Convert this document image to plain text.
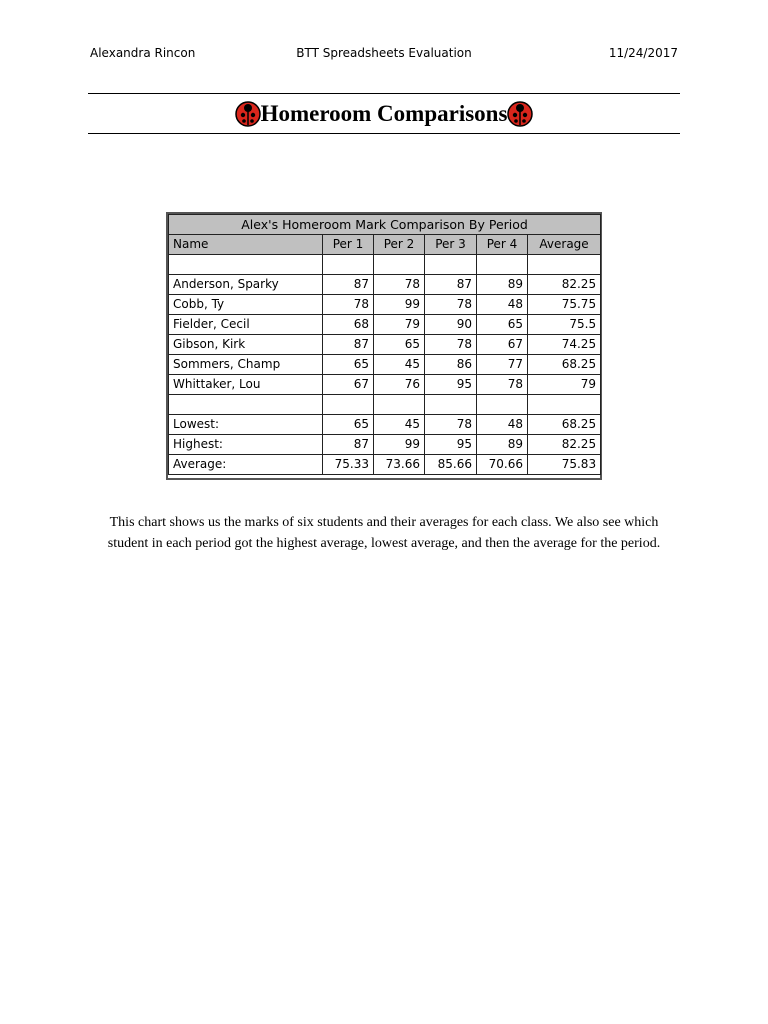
Alexandra Rincon	BTT Spreadsheets Evaluation	11/24/2017
Homeroom Comparisons
Alex's Homeroom Mark Comparison By Period					
Name	Per 1	Per 2	Per 3	Per 4	Average

Anderson, Sparky	87	78	87	89	82.25
Cobb, Ty	78	99	78	48	75.75
Fielder, Cecil	68	79	90	65	75.5
Gibson, Kirk	87	65	78	67	74.25
Sommers, Champ	65	45	86	77	68.25
Whittaker, Lou	67	76	95	78	79

Lowest:	65	45	78	48	68.25
Highest:	87	99	95	89	82.25
Average:	75.33	73.66	85.66	70.66	75.83
This chart shows us the marks of six students and their averages for each class. We also see which student in each period got the highest average, lowest average, and then the average for the period.
